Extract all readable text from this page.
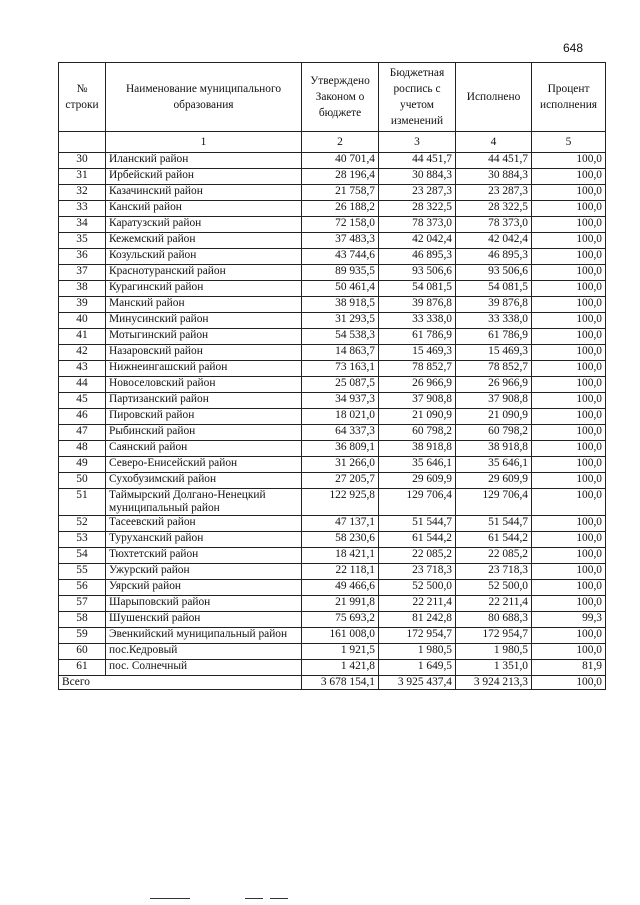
648
№ строки	Наименование муниципального образования	Утверждено Законом о бюджете	Бюджетная роспись с учетом изменений	Исполнено	Процент исполнения
	1	2	3	4	5
30	Иланский район	40 701,4	44 451,7	44 451,7	100,0
31	Ирбейский район	28 196,4	30 884,3	30 884,3	100,0
32	Казачинский район	21 758,7	23 287,3	23 287,3	100,0
33	Канский район	26 188,2	28 322,5	28 322,5	100,0
34	Каратузский район	72 158,0	78 373,0	78 373,0	100,0
35	Кежемский район	37 483,3	42 042,4	42 042,4	100,0
36	Козульский район	43 744,6	46 895,3	46 895,3	100,0
37	Краснотуранский район	89 935,5	93 506,6	93 506,6	100,0
38	Курагинский район	50 461,4	54 081,5	54 081,5	100,0
39	Манский район	38 918,5	39 876,8	39 876,8	100,0
40	Минусинский район	31 293,5	33 338,0	33 338,0	100,0
41	Мотыгинский район	54 538,3	61 786,9	61 786,9	100,0
42	Назаровский район	14 863,7	15 469,3	15 469,3	100,0
43	Нижнеингашский район	73 163,1	78 852,7	78 852,7	100,0
44	Новоселовский район	25 087,5	26 966,9	26 966,9	100,0
45	Партизанский район	34 937,3	37 908,8	37 908,8	100,0
46	Пировский район	18 021,0	21 090,9	21 090,9	100,0
47	Рыбинский район	64 337,3	60 798,2	60 798,2	100,0
48	Саянский район	36 809,1	38 918,8	38 918,8	100,0
49	Северо-Енисейский район	31 266,0	35 646,1	35 646,1	100,0
50	Сухобузимский район	27 205,7	29 609,9	29 609,9	100,0
51	Таймырский Долгано-Ненецкий муниципальный район	122 925,8	129 706,4	129 706,4	100,0
52	Тасеевский район	47 137,1	51 544,7	51 544,7	100,0
53	Туруханский район	58 230,6	61 544,2	61 544,2	100,0
54	Тюхтетский район	18 421,1	22 085,2	22 085,2	100,0
55	Ужурский район	22 118,1	23 718,3	23 718,3	100,0
56	Уярский район	49 466,6	52 500,0	52 500,0	100,0
57	Шарыповский район	21 991,8	22 211,4	22 211,4	100,0
58	Шушенский район	75 693,2	81 242,8	80 688,3	99,3
59	Эвенкийский муниципальный район	161 008,0	172 954,7	172 954,7	100,0
60	пос.Кедровый	1 921,5	1 980,5	1 980,5	100,0
61	пос. Солнечный	1 421,8	1 649,5	1 351,0	81,9
Всего		3 678 154,1	3 925 437,4	3 924 213,3	100,0
